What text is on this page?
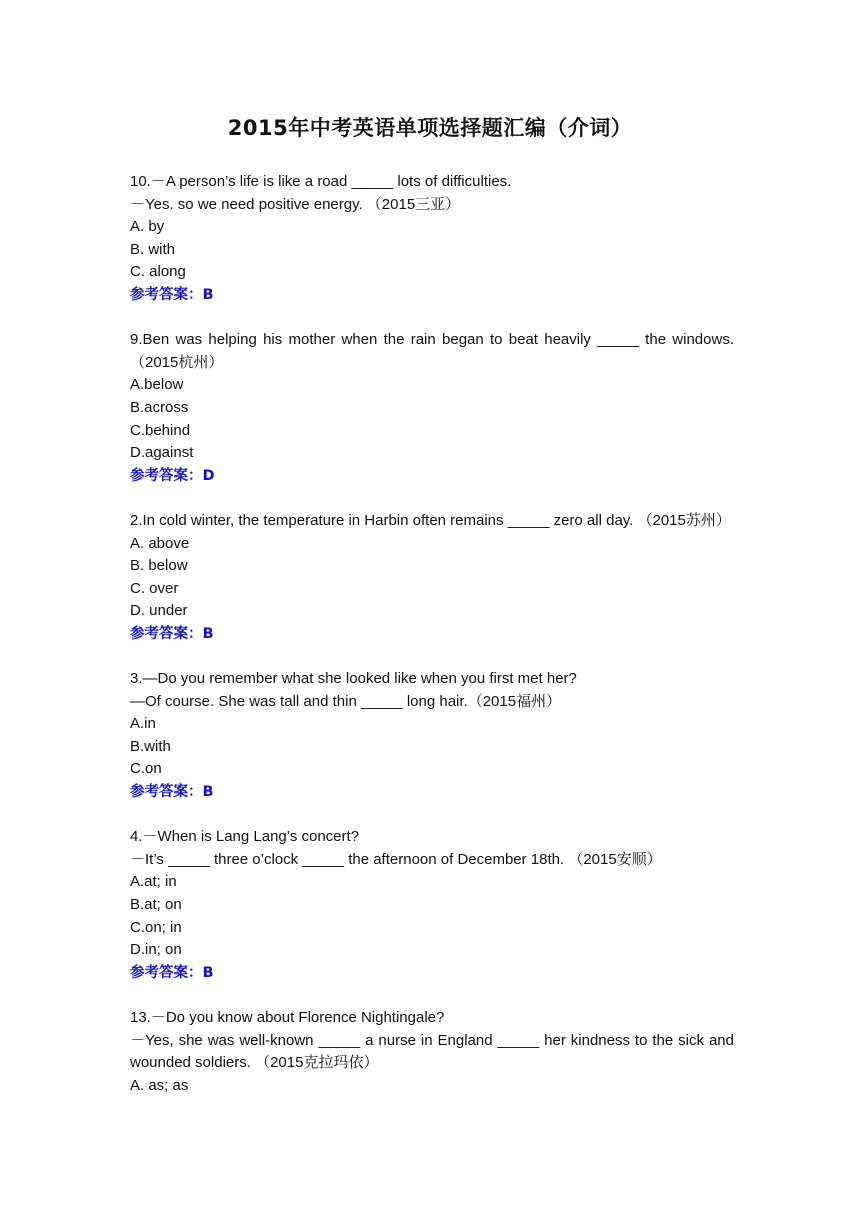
2015年中考英语单项选择题汇编（介词）
10.－A person’s life is like a road _____ lots of difficulties.
－Yes. so we need positive energy. （2015三亚）
A. by
B. with
C. along
参考答案：B
9.Ben was helping his mother when the rain began to beat heavily _____ the windows.
（2015杭州）
A.below
B.across
C.behind
D.against
参考答案：D
2.In cold winter, the temperature in Harbin often remains _____ zero all day. （2015苏州）
A. above
B. below
C. over
D. under
参考答案：B
3.—Do you remember what she looked like when you first met her?
—Of course. She was tall and thin _____ long hair.（2015福州）
A.in
B.with
C.on
参考答案：B
4.－When is Lang Lang’s concert?
－It’s _____ three o’clock _____ the afternoon of December 18th. （2015安顺）
A.at; in
B.at; on
C.on; in
D.in; on
参考答案：B
13.－Do you know about Florence Nightingale?
－Yes, she was well-known _____ a nurse in England _____ her kindness to the sick and
wounded soldiers. （2015克拉玛依）
A. as; as
